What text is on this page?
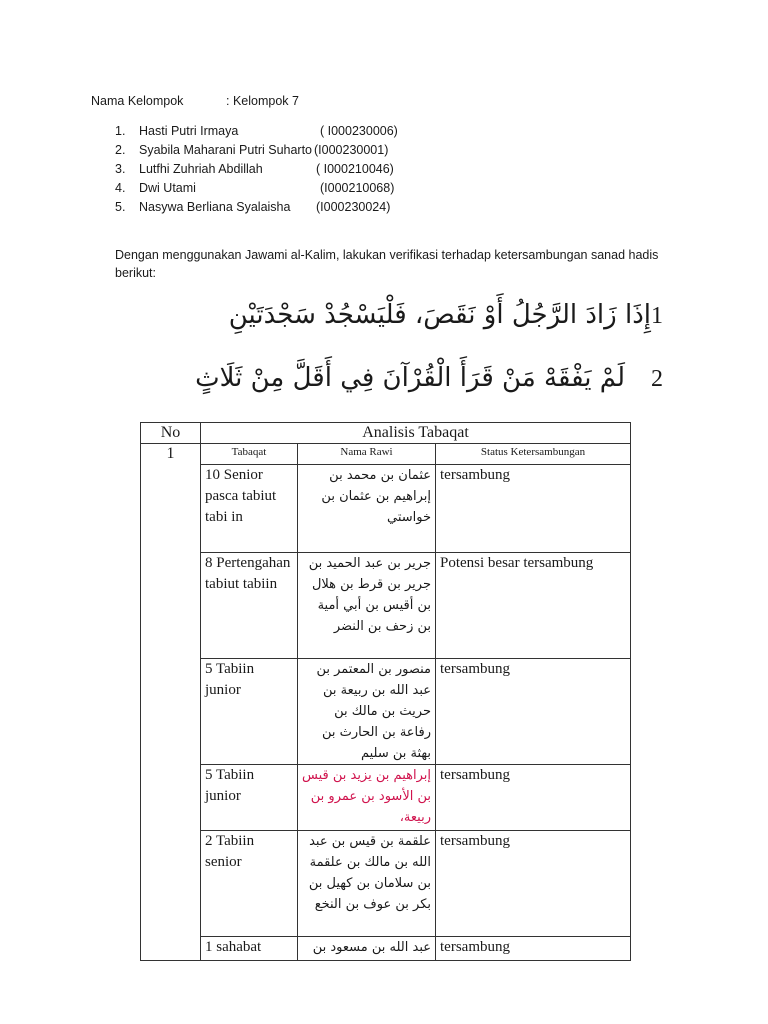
Nama Kelompok	: Kelompok 7
1. Hasti Putri Irmaya	( I000230006)
2. Syabila Maharani Putri Suharto (I000230001)
3. Lutfhi Zuhriah Abdillah	( I000210046)
4. Dwi Utami	(I000210068)
5. Nasywa Berliana Syalaisha (I000230024)
Dengan menggunakan Jawami al-Kalim, lakukan verifikasi terhadap ketersambungan sanad hadis berikut:
1إِذَا زَادَ الرَّجُلُ أَوْ نَقَصَ، فَلْيَسْجُدْ سَجْدَتَيْنِ
2لَمْ يَفْقَهْ مَنْ قَرَأَ الْقُرْآنَ فِي أَقَلَّ مِنْ ثَلَاثٍ
No	Analisis Tabaqat		
1	Tabaqat	Nama Rawi	Status Ketersambungan
	10 Senior pasca tabiut tabi in	عثمان بن محمد بن إبراهيم بن عثمان بن خواستي	tersambung
	8 Pertengahan tabiut tabiin	جرير بن عبد الحميد بن جرير بن قرط بن هلال بن أقيس بن أبي أمية بن زحف بن النضر	Potensi besar tersambung
	5 Tabiin junior	منصور بن المعتمر بن عبد الله بن ربيعة بن حريث بن مالك بن رفاعة بن الحارث بن بهثة بن سليم	tersambung
	5 Tabiin junior	إبراهيم بن يزيد بن قيس بن الأسود بن عمرو بن ربيعة،	tersambung
	2 Tabiin senior	علقمة بن قيس بن عبد الله بن مالك بن علقمة بن سلامان بن كهيل بن بكر بن عوف بن النخع	tersambung
	1 sahabat	عبد الله بن مسعود بن	tersambung
